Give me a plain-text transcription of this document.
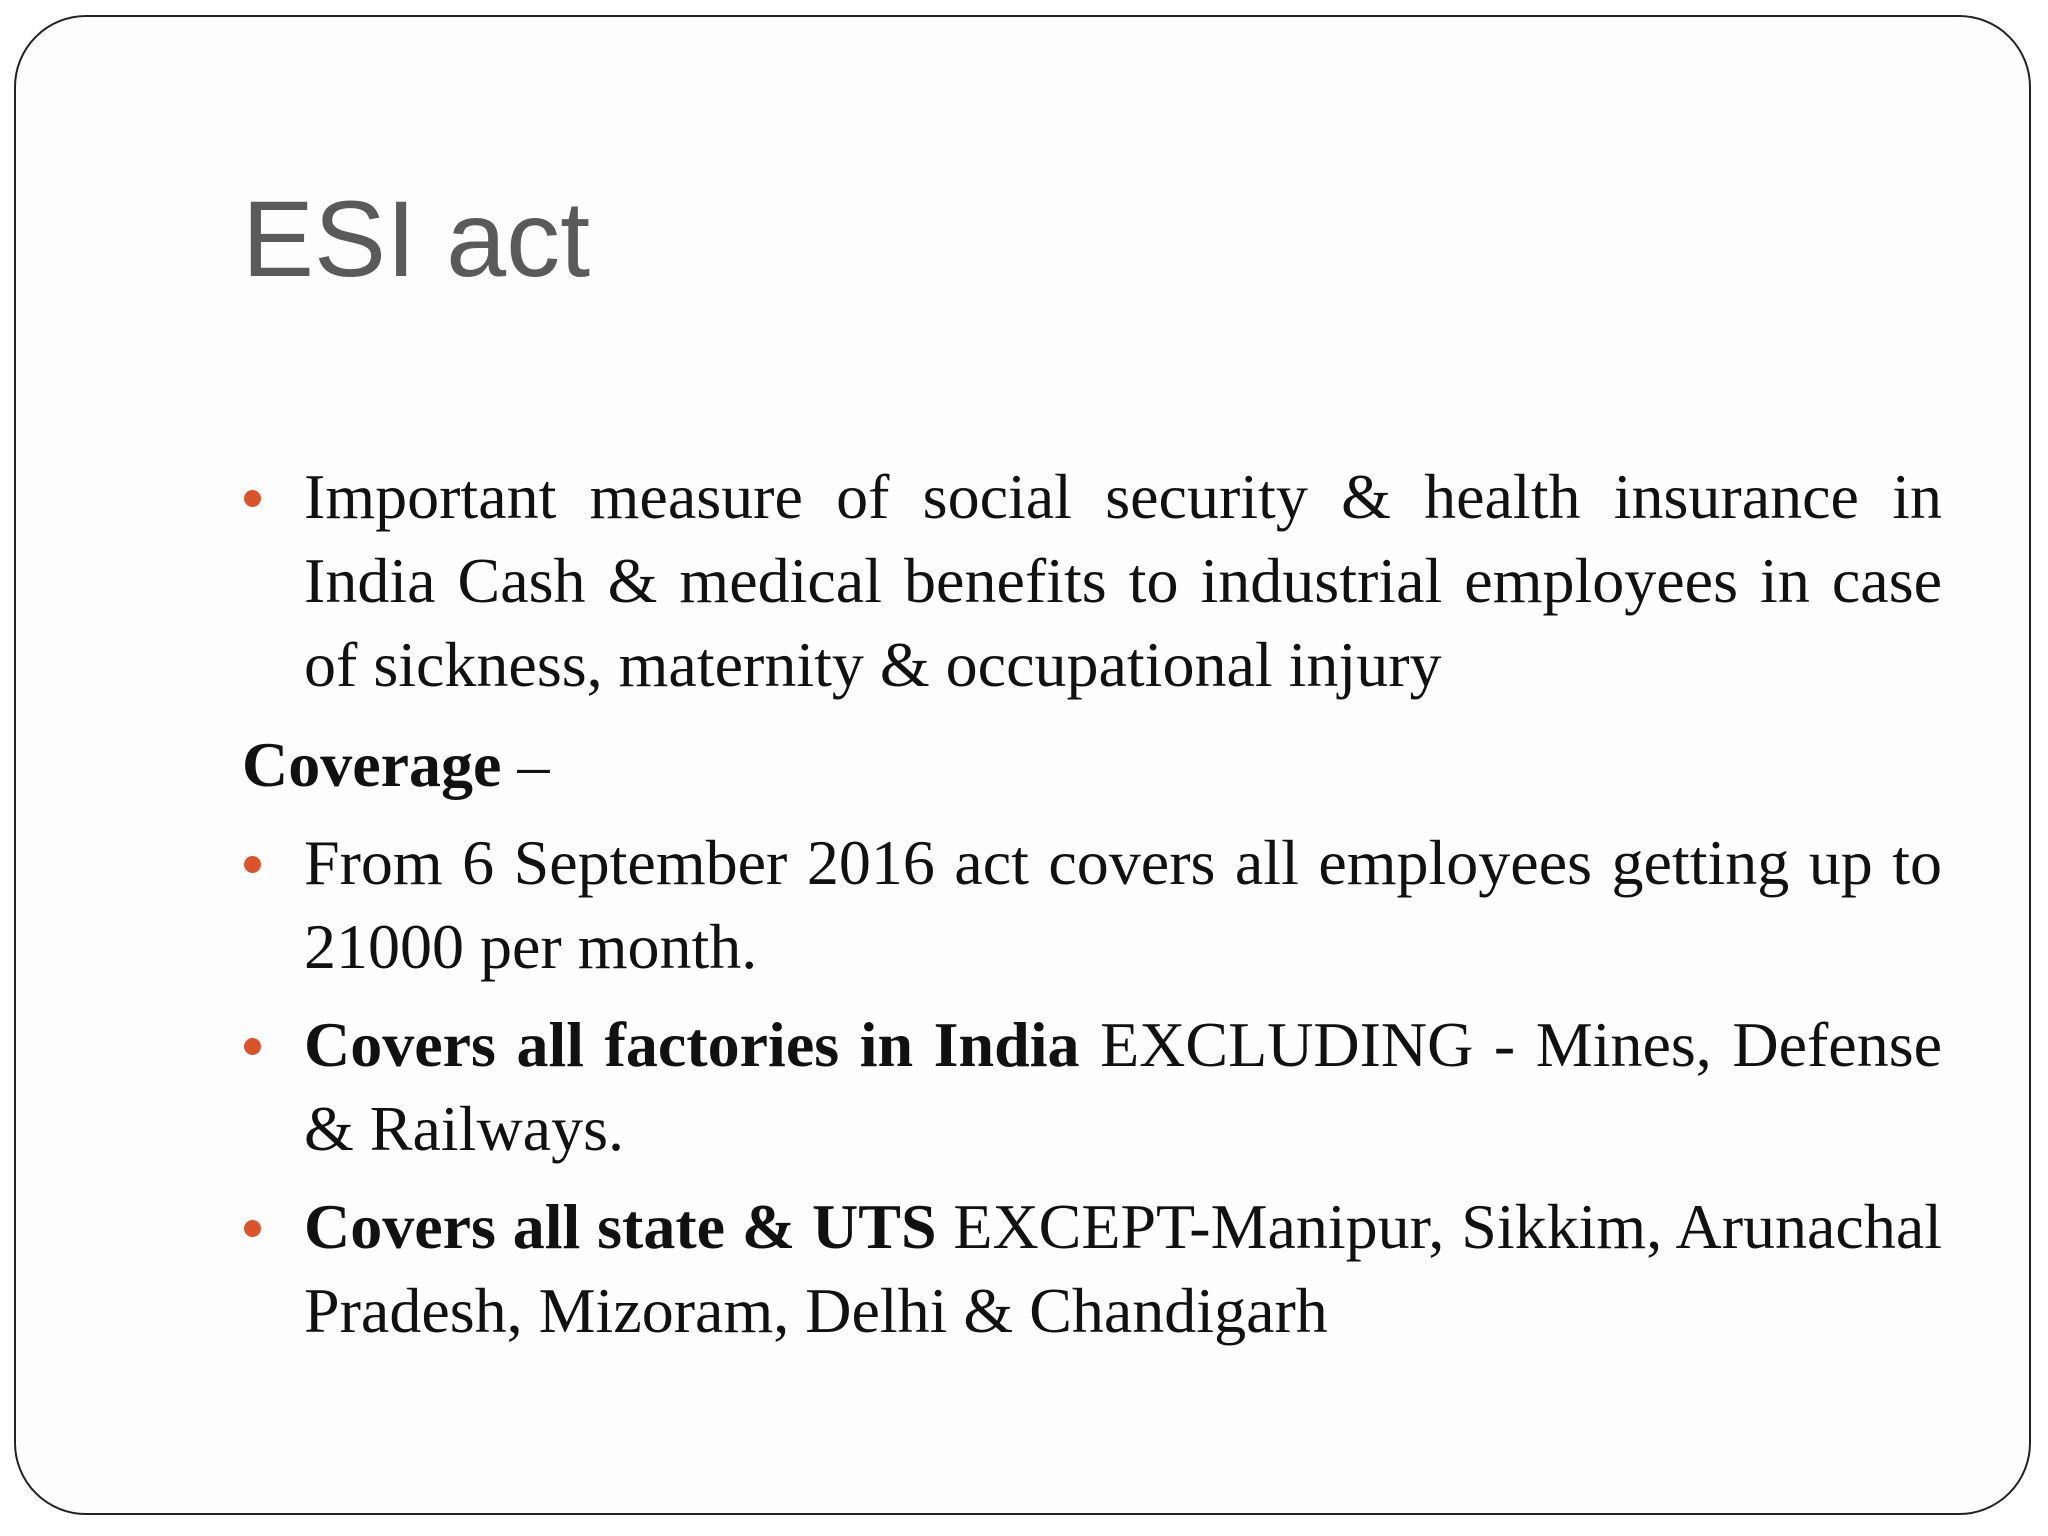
ESI act

Important measure of social security & health insurance in India Cash & medical benefits to industrial employees in case of sickness, maternity & occupational injury

Coverage –

From 6 September 2016 act covers all employees getting up to 21000 per month.

Covers all factories in India EXCLUDING - Mines, Defense & Railways.

Covers all state & UTS EXCEPT-Manipur, Sikkim, Arunachal Pradesh, Mizoram, Delhi & Chandigarh
